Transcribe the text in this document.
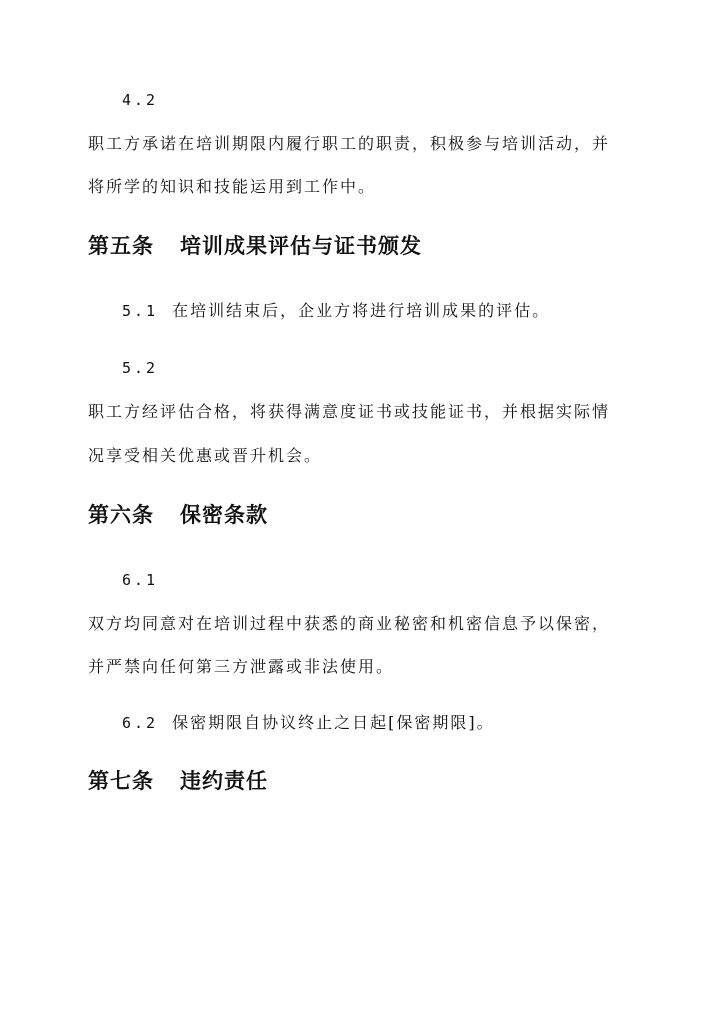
4.2
职工方承诺在培训期限内履行职工的职责，积极参与培训活动，并
将所学的知识和技能运用到工作中。
第五条 培训成果评估与证书颁发
5.1 在培训结束后，企业方将进行培训成果的评估。
5.2
职工方经评估合格，将获得满意度证书或技能证书，并根据实际情
况享受相关优惠或晋升机会。
第六条 保密条款
6.1
双方均同意对在培训过程中获悉的商业秘密和机密信息予以保密，
并严禁向任何第三方泄露或非法使用。
6.2 保密期限自协议终止之日起[保密期限]。
第七条 违约责任
